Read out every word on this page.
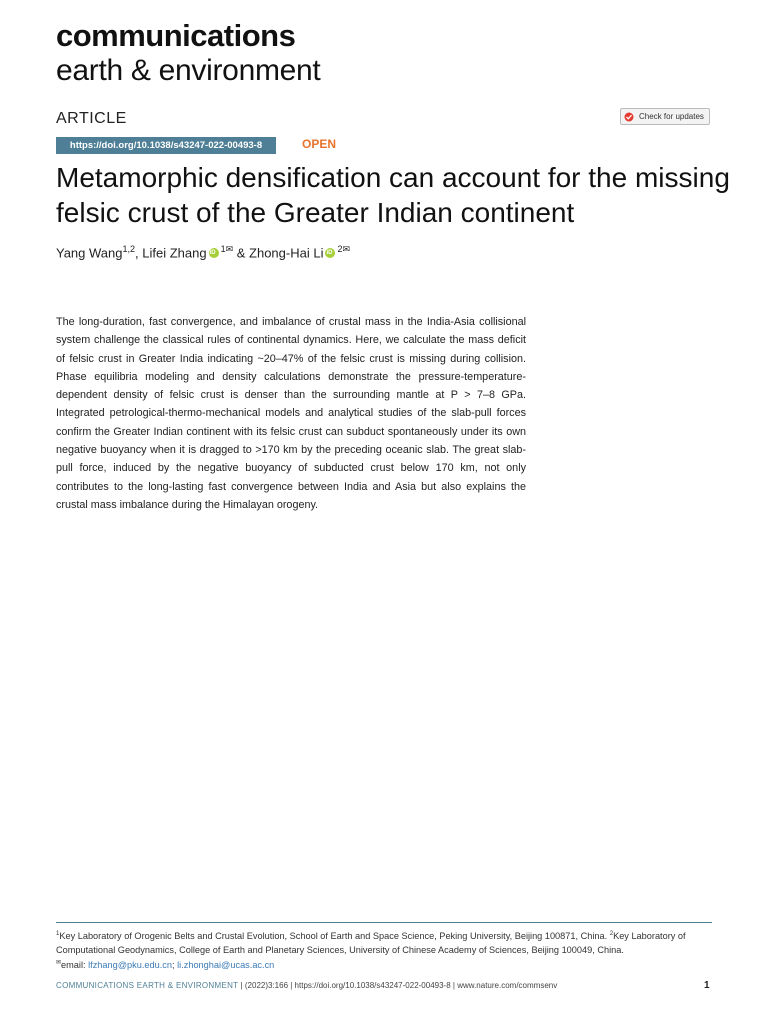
communications
earth & environment
ARTICLE	Check for updates
https://doi.org/10.1038/s43247-022-00493-8	OPEN
Metamorphic densification can account for the missing felsic crust of the Greater Indian continent
Yang Wang$^{1,2}$, Lifei Zhang iD $^{1✉}$ & Zhong-Hai Li iD $^{2✉}$

The long-duration, fast convergence, and imbalance of crustal mass in the India-Asia collisional system challenge the classical rules of continental dynamics. Here, we calculate the mass deficit of felsic crust in Greater India indicating ~20–47% of the felsic crust is missing during collision. Phase equilibria modeling and density calculations demonstrate the pressure-temperature-dependent density of felsic crust is denser than the surrounding mantle at P > 7–8 GPa. Integrated petrological-thermo-mechanical models and analytical studies of the slab-pull forces confirm the Greater Indian continent with its felsic crust can subduct spontaneously under its own negative buoyancy when it is dragged to >170 km by the preceding oceanic slab. The great slab-pull force, induced by the negative buoyancy of subducted crust below 170 km, not only contributes to the long-lasting fast convergence between India and Asia but also explains the crustal mass imbalance during the Himalayan orogeny.

$^1$Key Laboratory of Orogenic Belts and Crustal Evolution, School of Earth and Space Science, Peking University, Beijing 100871, China. $^2$Key Laboratory of Computational Geodynamics, College of Earth and Planetary Sciences, University of Chinese Academy of Sciences, Beijing 100049, China.
✉email: lfzhang@pku.edu.cn; li.zhonghai@ucas.ac.cn

COMMUNICATIONS EARTH & ENVIRONMENT | (2022)3:166 | https://doi.org/10.1038/s43247-022-00493-8 | www.nature.com/commsenv	1
